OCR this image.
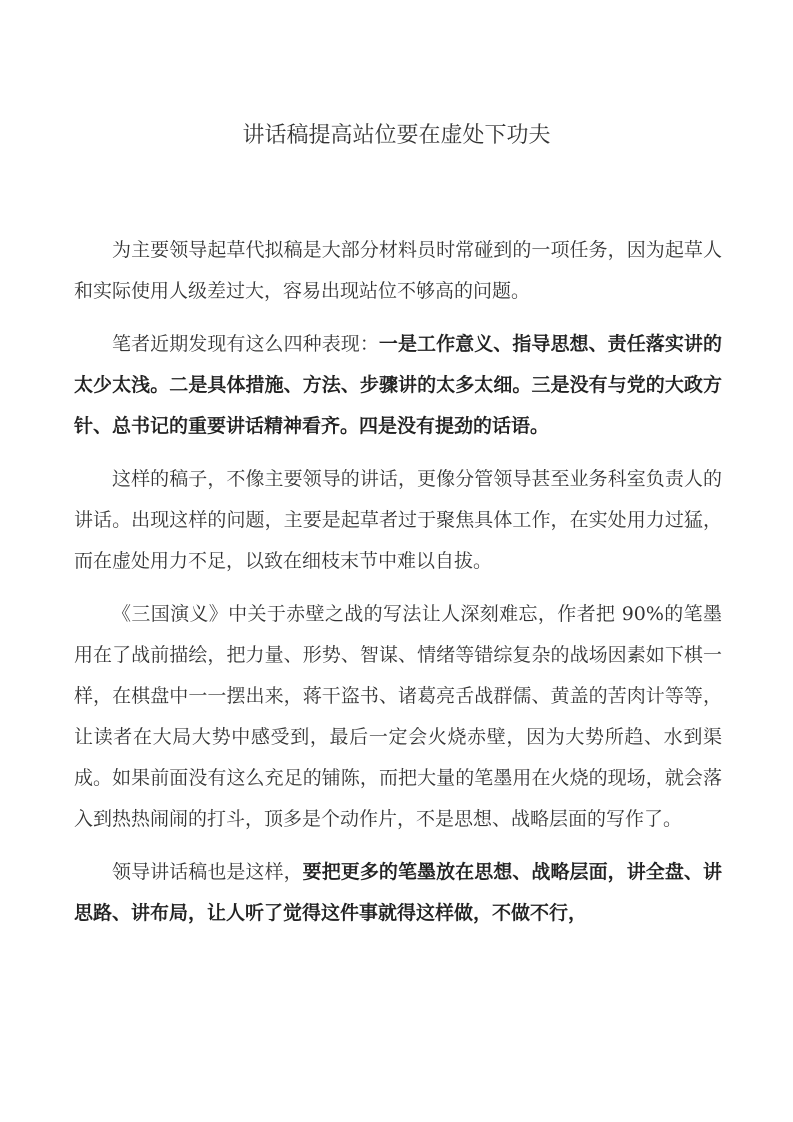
讲话稿提高站位要在虚处下功夫

为主要领导起草代拟稿是大部分材料员时常碰到的一项任务，因为起草人和实际使用人级差过大，容易出现站位不够高的问题。

笔者近期发现有这么四种表现：一是工作意义、指导思想、责任落实讲的太少太浅。二是具体措施、方法、步骤讲的太多太细。三是没有与党的大政方针、总书记的重要讲话精神看齐。四是没有提劲的话语。

这样的稿子，不像主要领导的讲话，更像分管领导甚至业务科室负责人的讲话。出现这样的问题，主要是起草者过于聚焦具体工作，在实处用力过猛，而在虚处用力不足，以致在细枝末节中难以自拔。

《三国演义》中关于赤壁之战的写法让人深刻难忘，作者把 90%的笔墨用在了战前描绘，把力量、形势、智谋、情绪等错综复杂的战场因素如下棋一样，在棋盘中一一摆出来，蒋干盗书、诸葛亮舌战群儒、黄盖的苦肉计等等，让读者在大局大势中感受到，最后一定会火烧赤壁，因为大势所趋、水到渠成。如果前面没有这么充足的铺陈，而把大量的笔墨用在火烧的现场，就会落入到热热闹闹的打斗，顶多是个动作片，不是思想、战略层面的写作了。

领导讲话稿也是这样，要把更多的笔墨放在思想、战略层面，讲全盘、讲思路、讲布局，让人听了觉得这件事就得这样做，不做不行，
